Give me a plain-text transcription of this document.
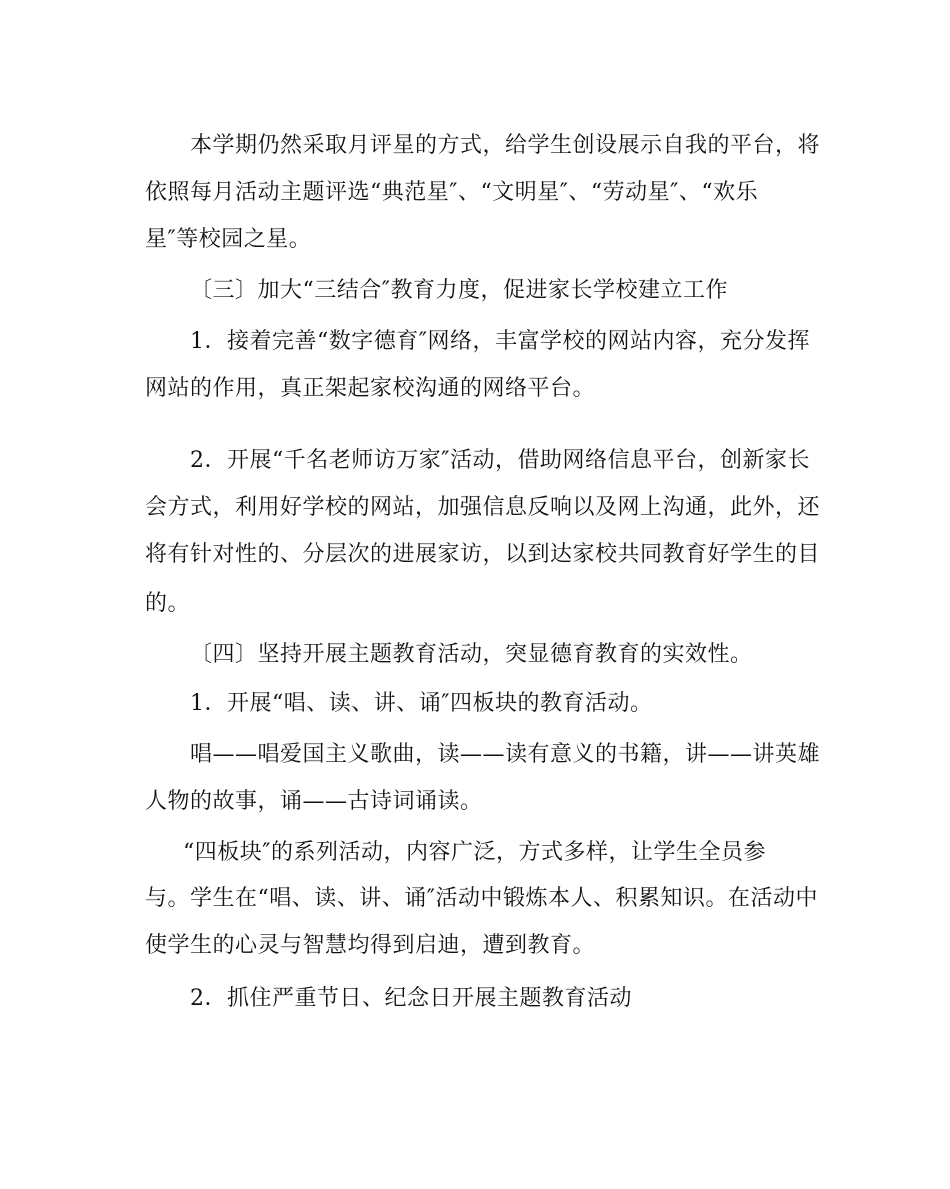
本学期仍然采取月评星的方式，给学生创设展示自我的平台，将
依照每月活动主题评选“典范星″、“文明星″、“劳动星″、“欢乐
星″等校园之星。
〔三〕加大“三结合″教育力度，促进家长学校建立工作
1．接着完善“数字德育″网络，丰富学校的网站内容，充分发挥
网站的作用，真正架起家校沟通的网络平台。
2．开展“千名老师访万家″活动，借助网络信息平台，创新家长
会方式，利用好学校的网站，加强信息反响以及网上沟通，此外，还
将有针对性的、分层次的进展家访，以到达家校共同教育好学生的目
的。
〔四〕坚持开展主题教育活动，突显德育教育的实效性。
1．开展“唱、读、讲、诵″四板块的教育活动。
唱——唱爱国主义歌曲，读——读有意义的书籍，讲——讲英雄
人物的故事，诵——古诗词诵读。
“四板块″的系列活动，内容广泛，方式多样，让学生全员参
与。学生在“唱、读、讲、诵″活动中锻炼本人、积累知识。在活动中
使学生的心灵与智慧均得到启迪，遭到教育。
2．抓住严重节日、纪念日开展主题教育活动
